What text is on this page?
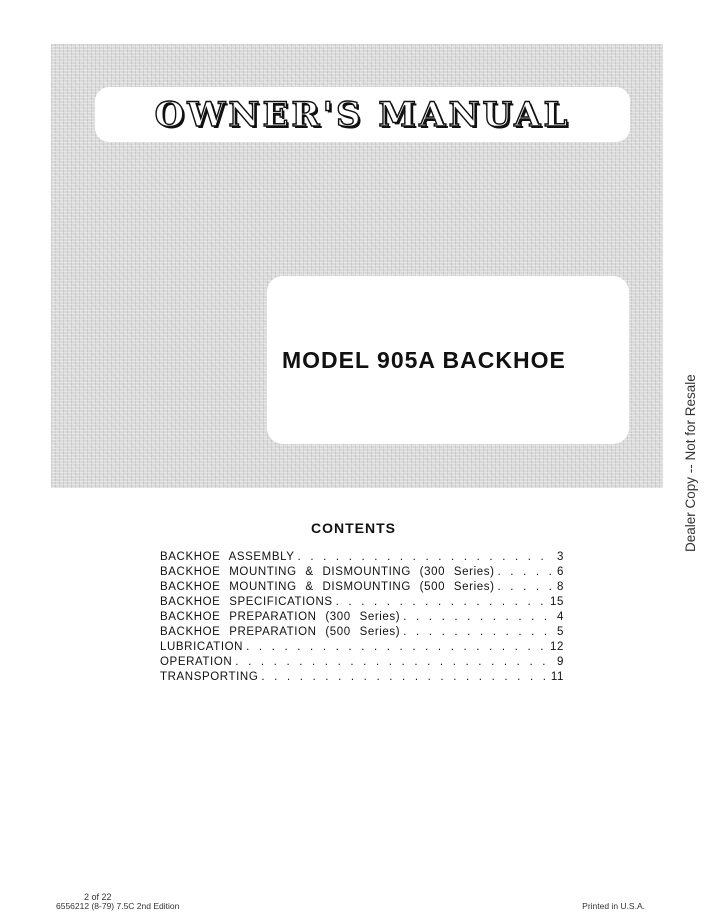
OWNER'S MANUAL
MODEL 905A BACKHOE
Dealer Copy -- Not for Resale
CONTENTS
BACKHOE ASSEMBLY . . .	3
BACKHOE MOUNTING & DISMOUNTING (300 Series) . . .	6
BACKHOE MOUNTING & DISMOUNTING (500 Series) . . .	8
BACKHOE SPECIFICATIONS . . .	15
BACKHOE PREPARATION (300 Series) . . .	4
BACKHOE PREPARATION (500 Series) . . .	5
LUBRICATION . . .	12
OPERATION . . .	9
TRANSPORTING . . .	11
2 of 22
6556212 (8-79) 7.5C 2nd Edition	Printed in U.S.A.
